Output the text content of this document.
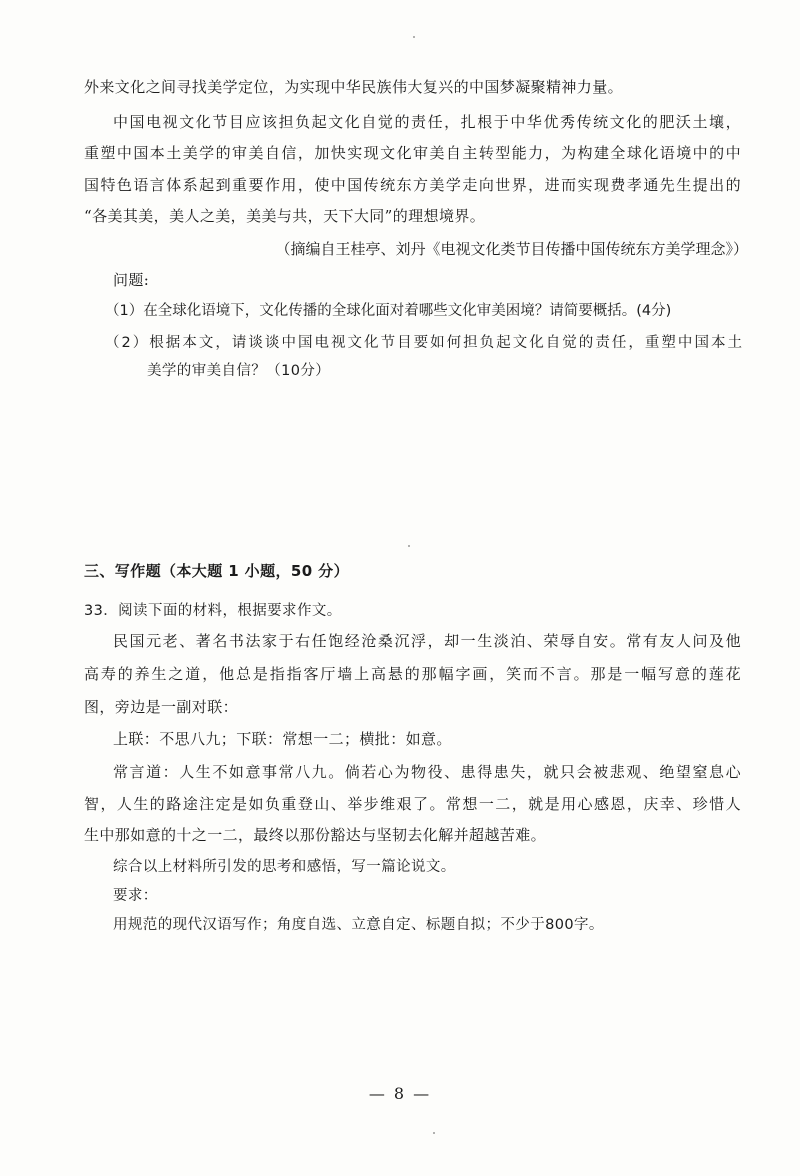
外来文化之间寻找美学定位，为实现中华民族伟大复兴的中国梦凝聚精神力量。
中国电视文化节目应该担负起文化自觉的责任，扎根于中华优秀传统文化的肥沃土壤，
重塑中国本土美学的审美自信，加快实现文化审美自主转型能力，为构建全球化语境中的中
国特色语言体系起到重要作用，使中国传统东方美学走向世界，进而实现费孝通先生提出的
“各美其美，美人之美，美美与共，天下大同”的理想境界。
（摘编自王桂亭、刘丹《电视文化类节目传播中国传统东方美学理念》）
问题:
（1）在全球化语境下，文化传播的全球化面对着哪些文化审美困境？请简要概括。(4分)
（2）根据本文，请谈谈中国电视文化节目要如何担负起文化自觉的责任，重塑中国本土
美学的审美自信？（10分）
三、写作题（本大题 1 小题，50 分）
33．阅读下面的材料，根据要求作文。
民国元老、著名书法家于右任饱经沧桑沉浮，却一生淡泊、荣辱自安。常有友人问及他
高寿的养生之道，他总是指指客厅墙上高悬的那幅字画，笑而不言。那是一幅写意的莲花
图，旁边是一副对联：
上联：不思八九；下联：常想一二；横批：如意。
常言道：人生不如意事常八九。倘若心为物役、患得患失，就只会被悲观、绝望窒息心
智，人生的路途注定是如负重登山、举步维艰了。常想一二，就是用心感恩，庆幸、珍惜人
生中那如意的十之一二，最终以那份豁达与坚韧去化解并超越苦难。
综合以上材料所引发的思考和感悟，写一篇论说文。
要求：
用规范的现代汉语写作；角度自选、立意自定、标题自拟；不少于800字。
— 8 —
